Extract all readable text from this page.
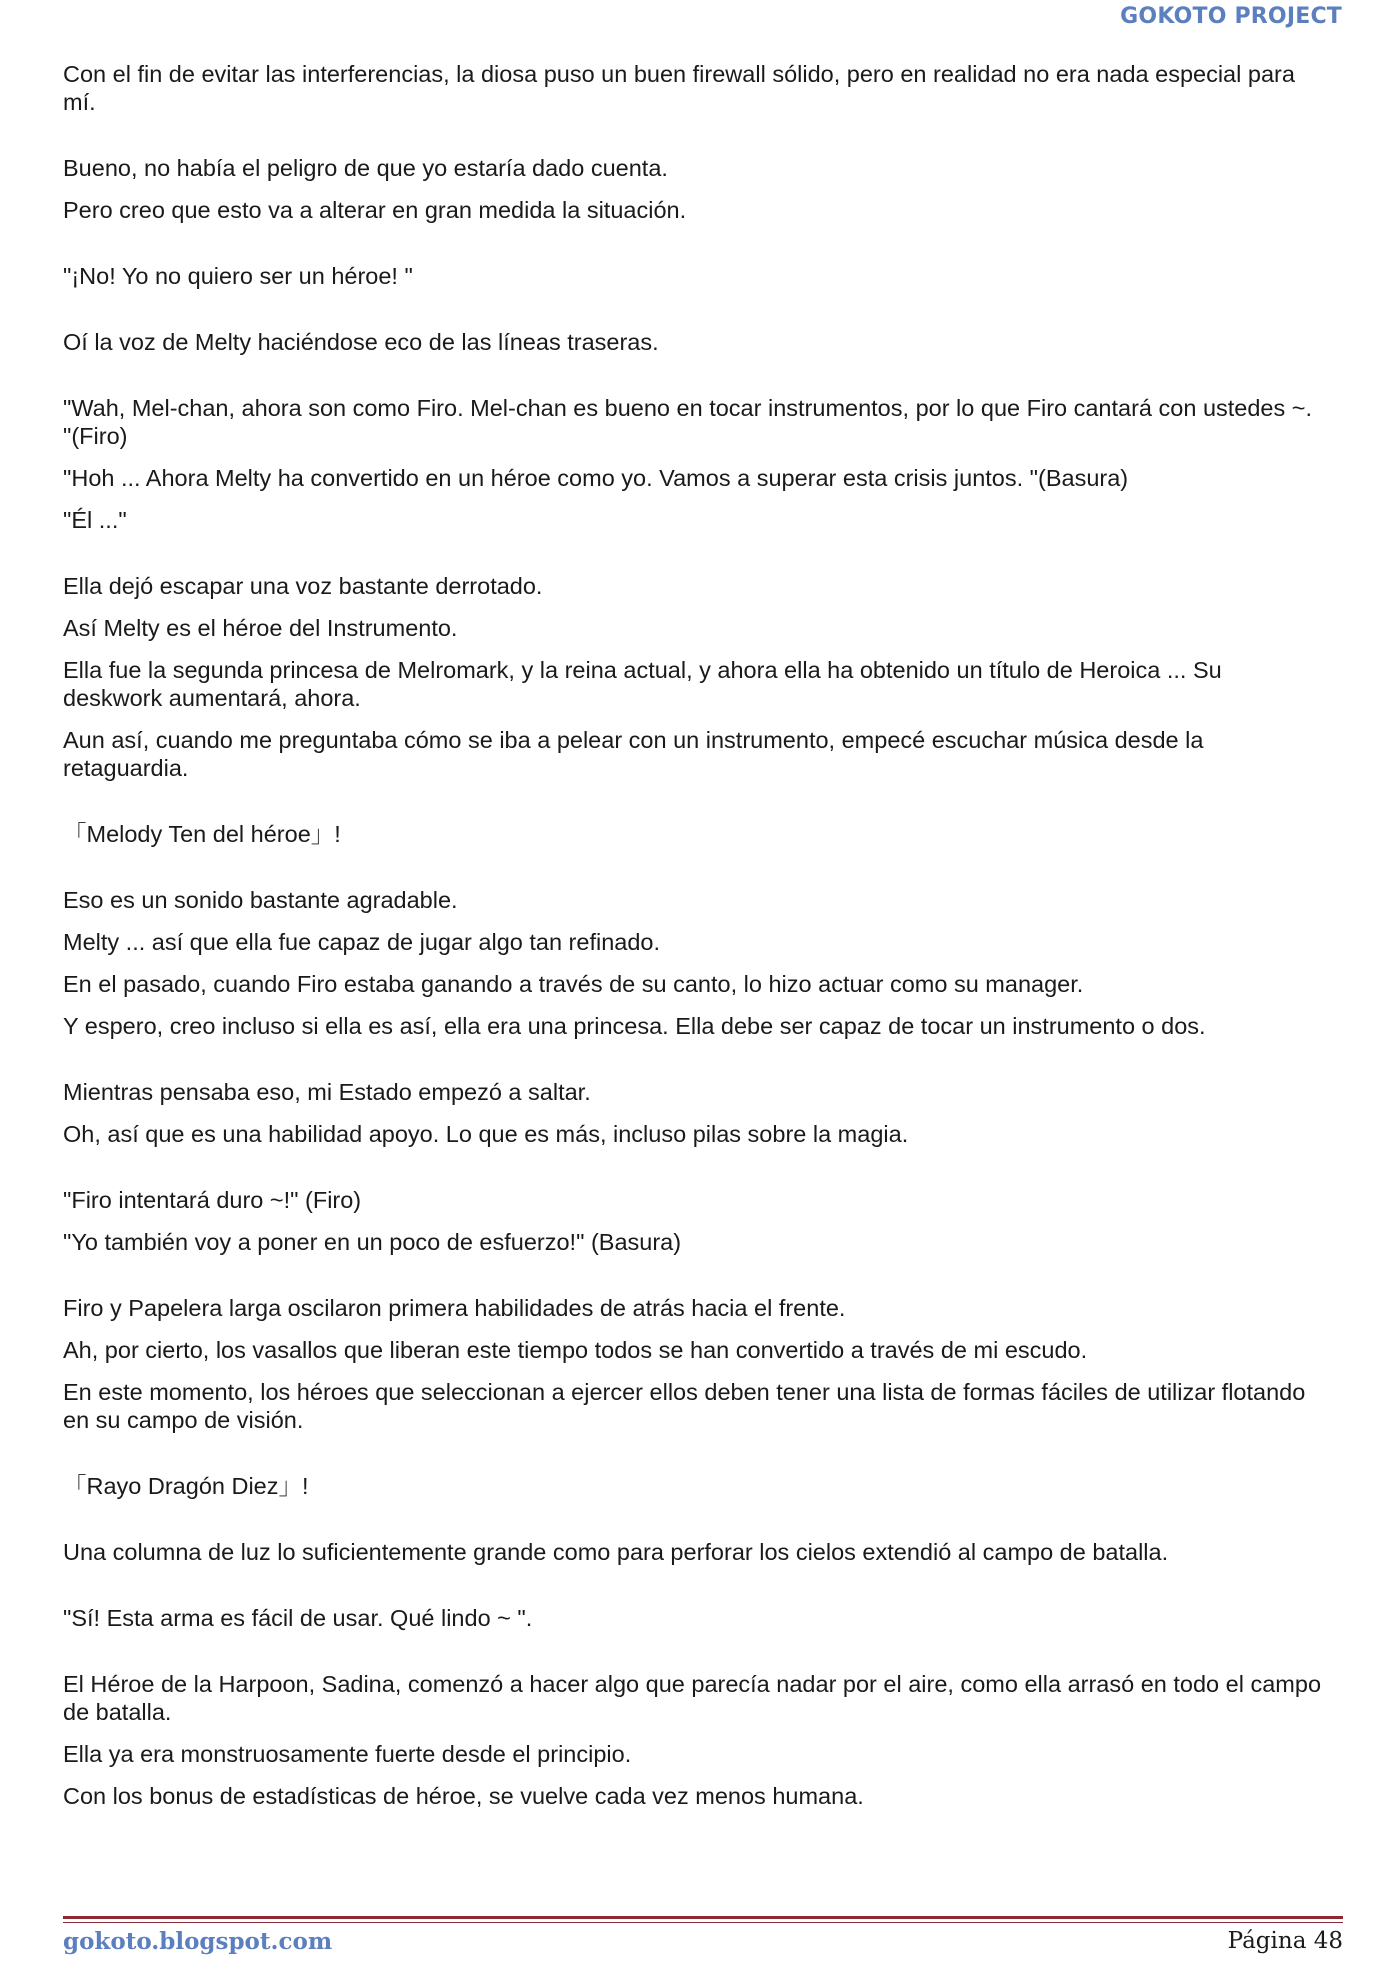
GOKOTO PROJECT

Con el fin de evitar las interferencias, la diosa puso un buen firewall sólido, pero en realidad no era nada especial para mí.

Bueno, no había el peligro de que yo estaría dado cuenta.

Pero creo que esto va a alterar en gran medida la situación.

"¡No! Yo no quiero ser un héroe! "

Oí la voz de Melty haciéndose eco de las líneas traseras.

"Wah, Mel-chan, ahora son como Firo. Mel-chan es bueno en tocar instrumentos, por lo que Firo cantará con ustedes ~. "(Firo)

"Hoh ... Ahora Melty ha convertido en un héroe como yo. Vamos a superar esta crisis juntos. "(Basura)

"Él ..."

Ella dejó escapar una voz bastante derrotado.

Así Melty es el héroe del Instrumento.

Ella fue la segunda princesa de Melromark, y la reina actual, y ahora ella ha obtenido un título de Heroica ... Su deskwork aumentará, ahora.

Aun así, cuando me preguntaba cómo se iba a pelear con un instrumento, empecé escuchar música desde la retaguardia.

「Melody Ten del héroe」!

Eso es un sonido bastante agradable.

Melty ... así que ella fue capaz de jugar algo tan refinado.

En el pasado, cuando Firo estaba ganando a través de su canto, lo hizo actuar como su manager.

Y espero, creo incluso si ella es así, ella era una princesa. Ella debe ser capaz de tocar un instrumento o dos.

Mientras pensaba eso, mi Estado empezó a saltar.

Oh, así que es una habilidad apoyo. Lo que es más, incluso pilas sobre la magia.

"Firo intentará duro ~!" (Firo)

"Yo también voy a poner en un poco de esfuerzo!" (Basura)

Firo y Papelera larga oscilaron primera habilidades de atrás hacia el frente.

Ah, por cierto, los vasallos que liberan este tiempo todos se han convertido a través de mi escudo.

En este momento, los héroes que seleccionan a ejercer ellos deben tener una lista de formas fáciles de utilizar flotando en su campo de visión.

「Rayo Dragón Diez」!

Una columna de luz lo suficientemente grande como para perforar los cielos extendió al campo de batalla.

"Sí! Esta arma es fácil de usar. Qué lindo ~ ".

El Héroe de la Harpoon, Sadina, comenzó a hacer algo que parecía nadar por el aire, como ella arrasó en todo el campo de batalla.

Ella ya era monstruosamente fuerte desde el principio.

Con los bonus de estadísticas de héroe, se vuelve cada vez menos humana.

gokoto.blogspot.com	Página 48
